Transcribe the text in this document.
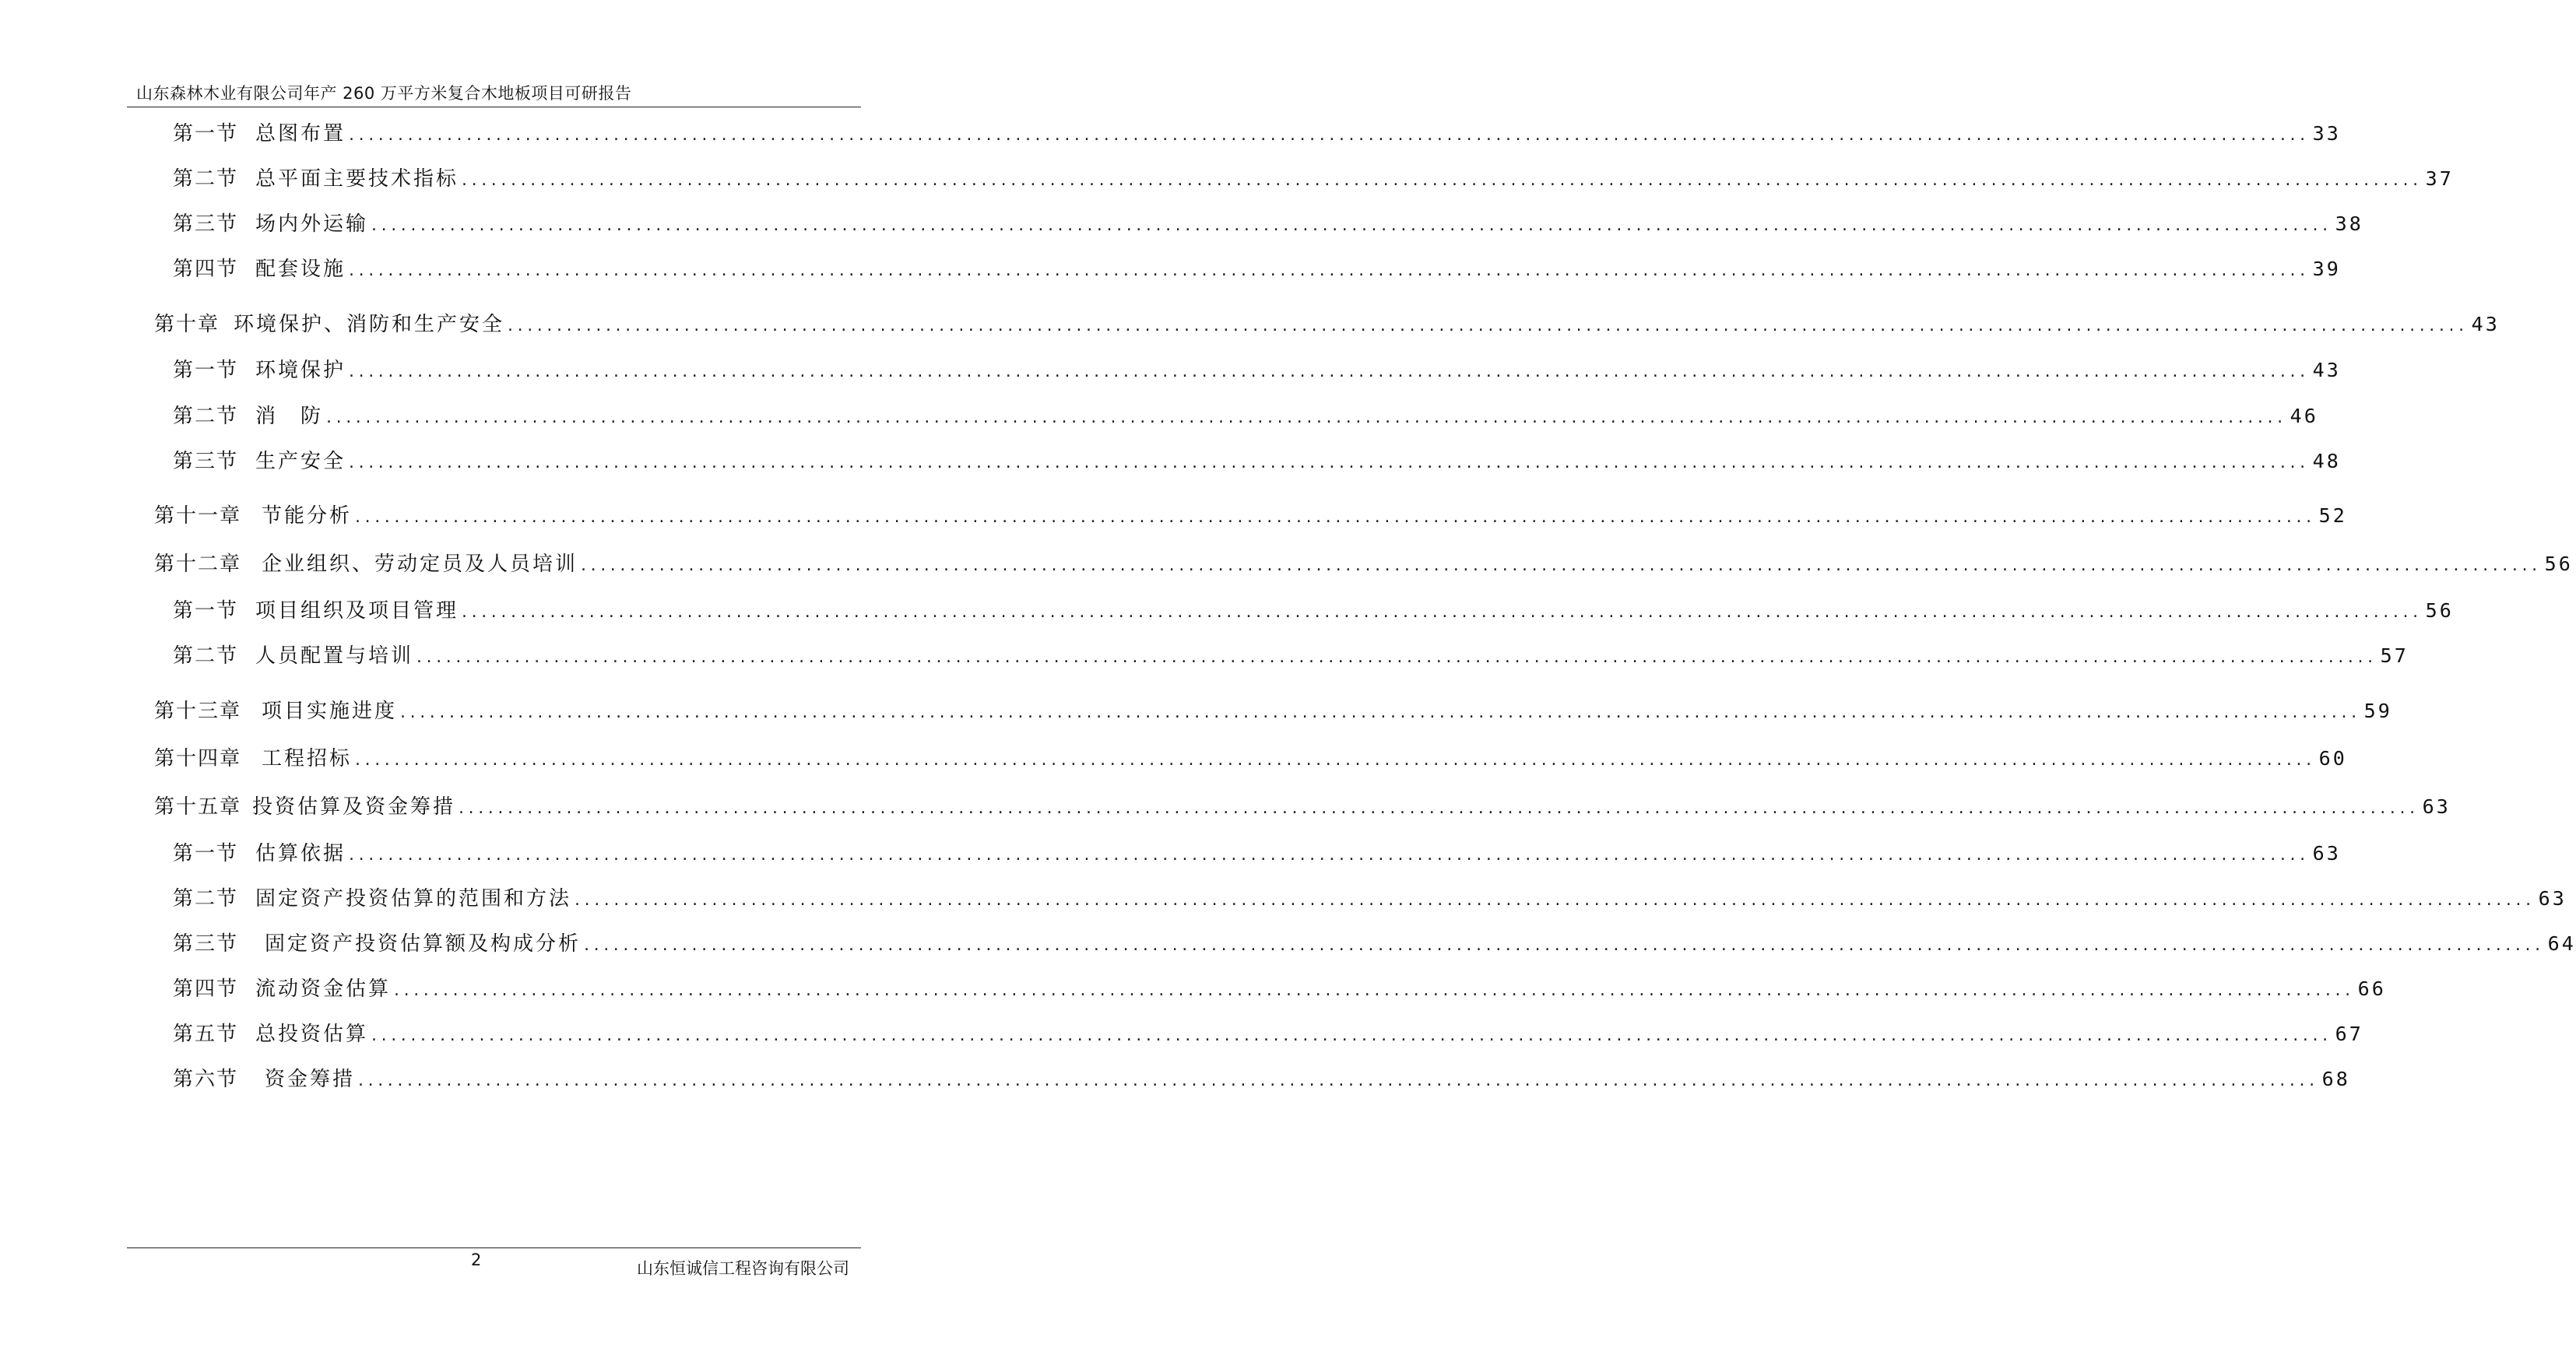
山东森林木业有限公司年产 260 万平方米复合木地板项目可研报告
第一节 总图布置 ........................................................................................................................................................................................................ 33
第二节 总平面主要技术指标 ........................................................................................................................................................................................................ 37
第三节 场内外运输 ........................................................................................................................................................................................................ 38
第四节 配套设施 ........................................................................................................................................................................................................ 39
第十章 环境保护、消防和生产安全 ........................................................................................................................................................................................................ 43
第一节 环境保护 ........................................................................................................................................................................................................ 43
第二节 消　防 ........................................................................................................................................................................................................ 46
第三节 生产安全 ........................................................................................................................................................................................................ 48
第十一章 节能分析 ........................................................................................................................................................................................................ 52
第十二章 企业组织、劳动定员及人员培训 ........................................................................................................................................................................................................ 56
第一节 项目组织及项目管理 ........................................................................................................................................................................................................ 56
第二节 人员配置与培训 ........................................................................................................................................................................................................ 57
第十三章 项目实施进度 ........................................................................................................................................................................................................ 59
第十四章 工程招标 ........................................................................................................................................................................................................ 60
第十五章 投资估算及资金筹措 ........................................................................................................................................................................................................ 63
第一节 估算依据 ........................................................................................................................................................................................................ 63
第二节 固定资产投资估算的范围和方法 ........................................................................................................................................................................................................ 63
第三节 固定资产投资估算额及构成分析 ........................................................................................................................................................................................................ 64
第四节 流动资金估算 ........................................................................................................................................................................................................ 66
第五节 总投资估算 ........................................................................................................................................................................................................ 67
第六节 资金筹措 ........................................................................................................................................................................................................ 68
2	山东恒诚信工程咨询有限公司
